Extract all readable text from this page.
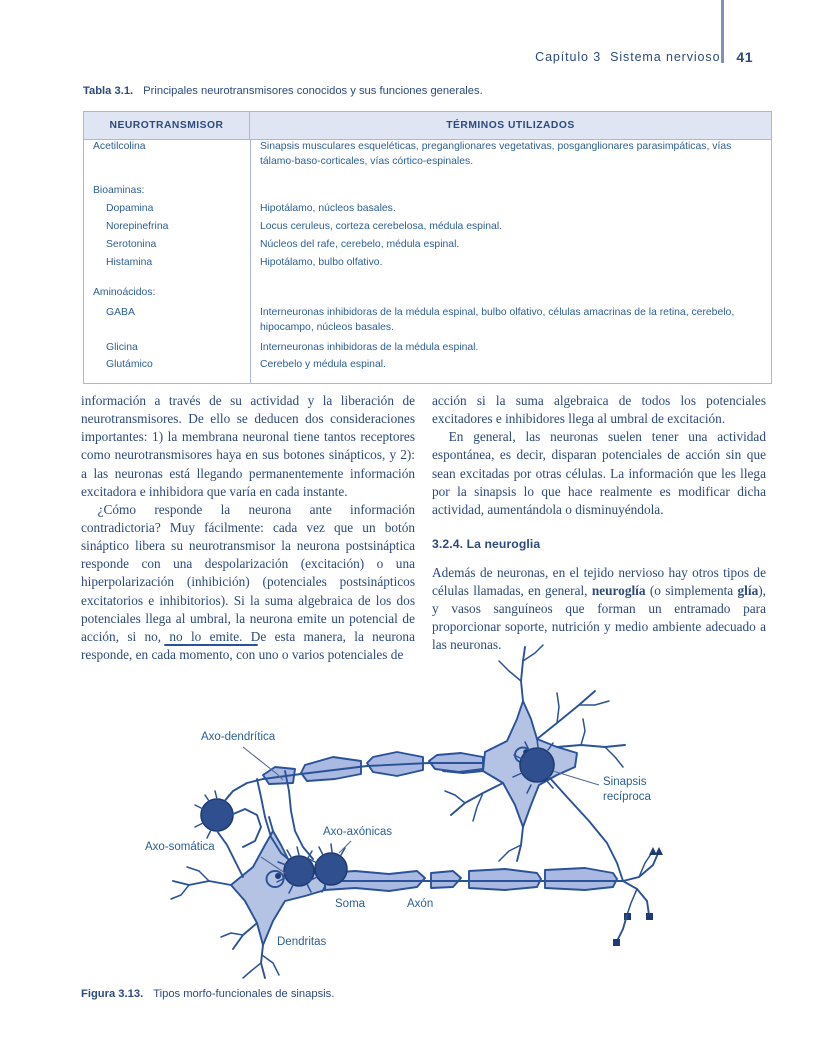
Capítulo 3 Sistema nervioso 41
Tabla 3.1. Principales neurotransmisores conocidos y sus funciones generales.
NEUROTRANSMISOR	TÉRMINOS UTILIZADOS
Acetilcolina	Sinapsis musculares esqueléticas, preganglionares vegetativas, posganglionares parasimpáticas, vías tálamo-baso-corticales, vías córtico-espinales.
Bioaminas:
Dopamina	Hipotálamo, núcleos basales.
Norepinefrina	Locus ceruleus, corteza cerebelosa, médula espinal.
Serotonina	Núcleos del rafe, cerebelo, médula espinal.
Histamina	Hipotálamo, bulbo olfativo.
Aminoácidos:
GABA	Interneuronas inhibidoras de la médula espinal, bulbo olfativo, células amacrinas de la retina, cerebelo, hipocampo, núcleos basales.
Glicina	Interneuronas inhibidoras de la médula espinal.
Glutámico	Cerebelo y médula espinal.

información a través de su actividad y la liberación de neurotransmisores. De ello se deducen dos consideraciones importantes: 1) la membrana neuronal tiene tantos receptores como neurotransmisores haya en sus botones sinápticos, y 2): a las neuronas está llegando permanentemente información excitadora e inhibidora que varía en cada instante.

¿Cómo responde la neurona ante información contradictoria? Muy fácilmente: cada vez que un botón sináptico libera su neurotransmisor la neurona postsináptica responde con una despolarización (excitación) o una hiperpolarización (inhibición) (potenciales postsinápticos excitatorios e inhibitorios). Si la suma algebraica de los dos potenciales llega al umbral, la neurona emite un potencial de acción, si no, no lo emite. De esta manera, la neurona responde, en cada momento, con uno o varios potenciales de

acción si la suma algebraica de todos los potenciales excitadores e inhibidores llega al umbral de excitación.

En general, las neuronas suelen tener una actividad espontánea, es decir, disparan potenciales de acción sin que sean excitadas por otras células. La información que les llega por la sinapsis lo que hace realmente es modificar dicha actividad, aumentándola o disminuyéndola.

3.2.4. La neuroglia

Además de neuronas, en el tejido nervioso hay otros tipos de células llamadas, en general, neuroglía (o simplementa glía), y vasos sanguíneos que forman un entramado para proporcionar soporte, nutrición y medio ambiente adecuado a las neuronas.

Axo-dendrítica
Axo-somática
Axo-axónicas
Sinapsis
recíproca
Soma	Axón
Dendritas
Figura 3.13. Tipos morfo-funcionales de sinapsis.
